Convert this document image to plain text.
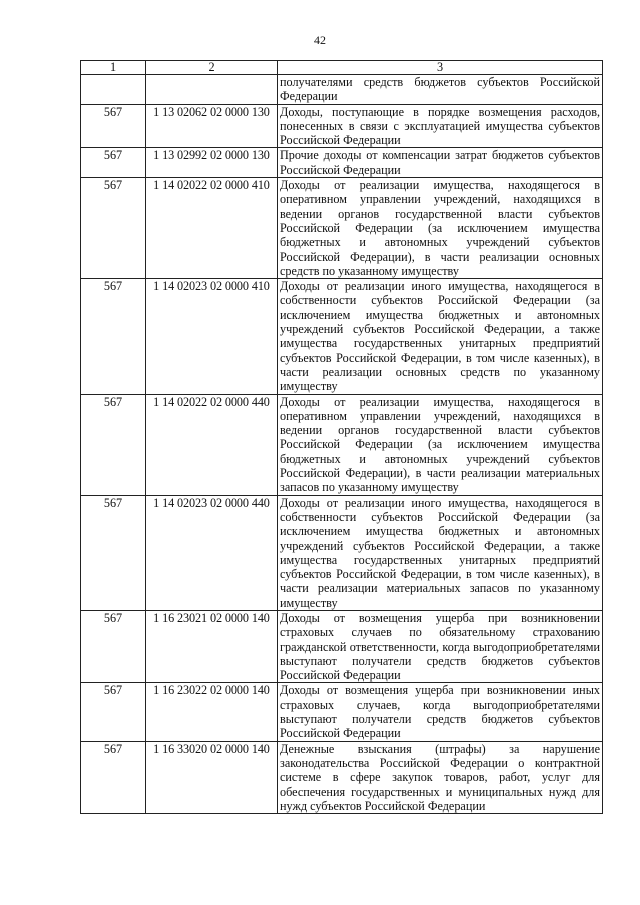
42
1	2	3
		получателями средств бюджетов субъектов Российской Федерации
567	1 13 02062 02 0000 130	Доходы, поступающие в порядке возмещения расходов, понесенных в связи с эксплуатацией имущества субъектов Российской Федерации
567	1 13 02992 02 0000 130	Прочие доходы от компенсации затрат бюджетов субъектов Российской Федерации
567	1 14 02022 02 0000 410	Доходы от реализации имущества, находящегося в оперативном управлении учреждений, находящихся в ведении органов государственной власти субъектов Российской Федерации (за исключением имущества бюджетных и автономных учреждений субъектов Российской Федерации), в части реализации основных средств по указанному имуществу
567	1 14 02023 02 0000 410	Доходы от реализации иного имущества, находящегося в собственности субъектов Российской Федерации (за исключением имущества бюджетных и автономных учреждений субъектов Российской Федерации, а также имущества государственных унитарных предприятий субъектов Российской Федерации, в том числе казенных), в части реализации основных средств по указанному имуществу
567	1 14 02022 02 0000 440	Доходы от реализации имущества, находящегося в оперативном управлении учреждений, находящихся в ведении органов государственной власти субъектов Российской Федерации (за исключением имущества бюджетных и автономных учреждений субъектов Российской Федерации), в части реализации материальных запасов по указанному имуществу
567	1 14 02023 02 0000 440	Доходы от реализации иного имущества, находящегося в собственности субъектов Российской Федерации (за исключением имущества бюджетных и автономных учреждений субъектов Российской Федерации, а также имущества государственных унитарных предприятий субъектов Российской Федерации, в том числе казенных), в части реализации материальных запасов по указанному имуществу
567	1 16 23021 02 0000 140	Доходы от возмещения ущерба при возникновении страховых случаев по обязательному страхованию гражданской ответственности, когда выгодоприобретателями выступают получатели средств бюджетов субъектов Российской Федерации
567	1 16 23022 02 0000 140	Доходы от возмещения ущерба при возникновении иных страховых случаев, когда выгодоприобретателями выступают получатели средств бюджетов субъектов Российской Федерации
567	1 16 33020 02 0000 140	Денежные взыскания (штрафы) за нарушение законодательства Российской Федерации о контрактной системе в сфере закупок товаров, работ, услуг для обеспечения государственных и муниципальных нужд для нужд субъектов Российской Федерации
